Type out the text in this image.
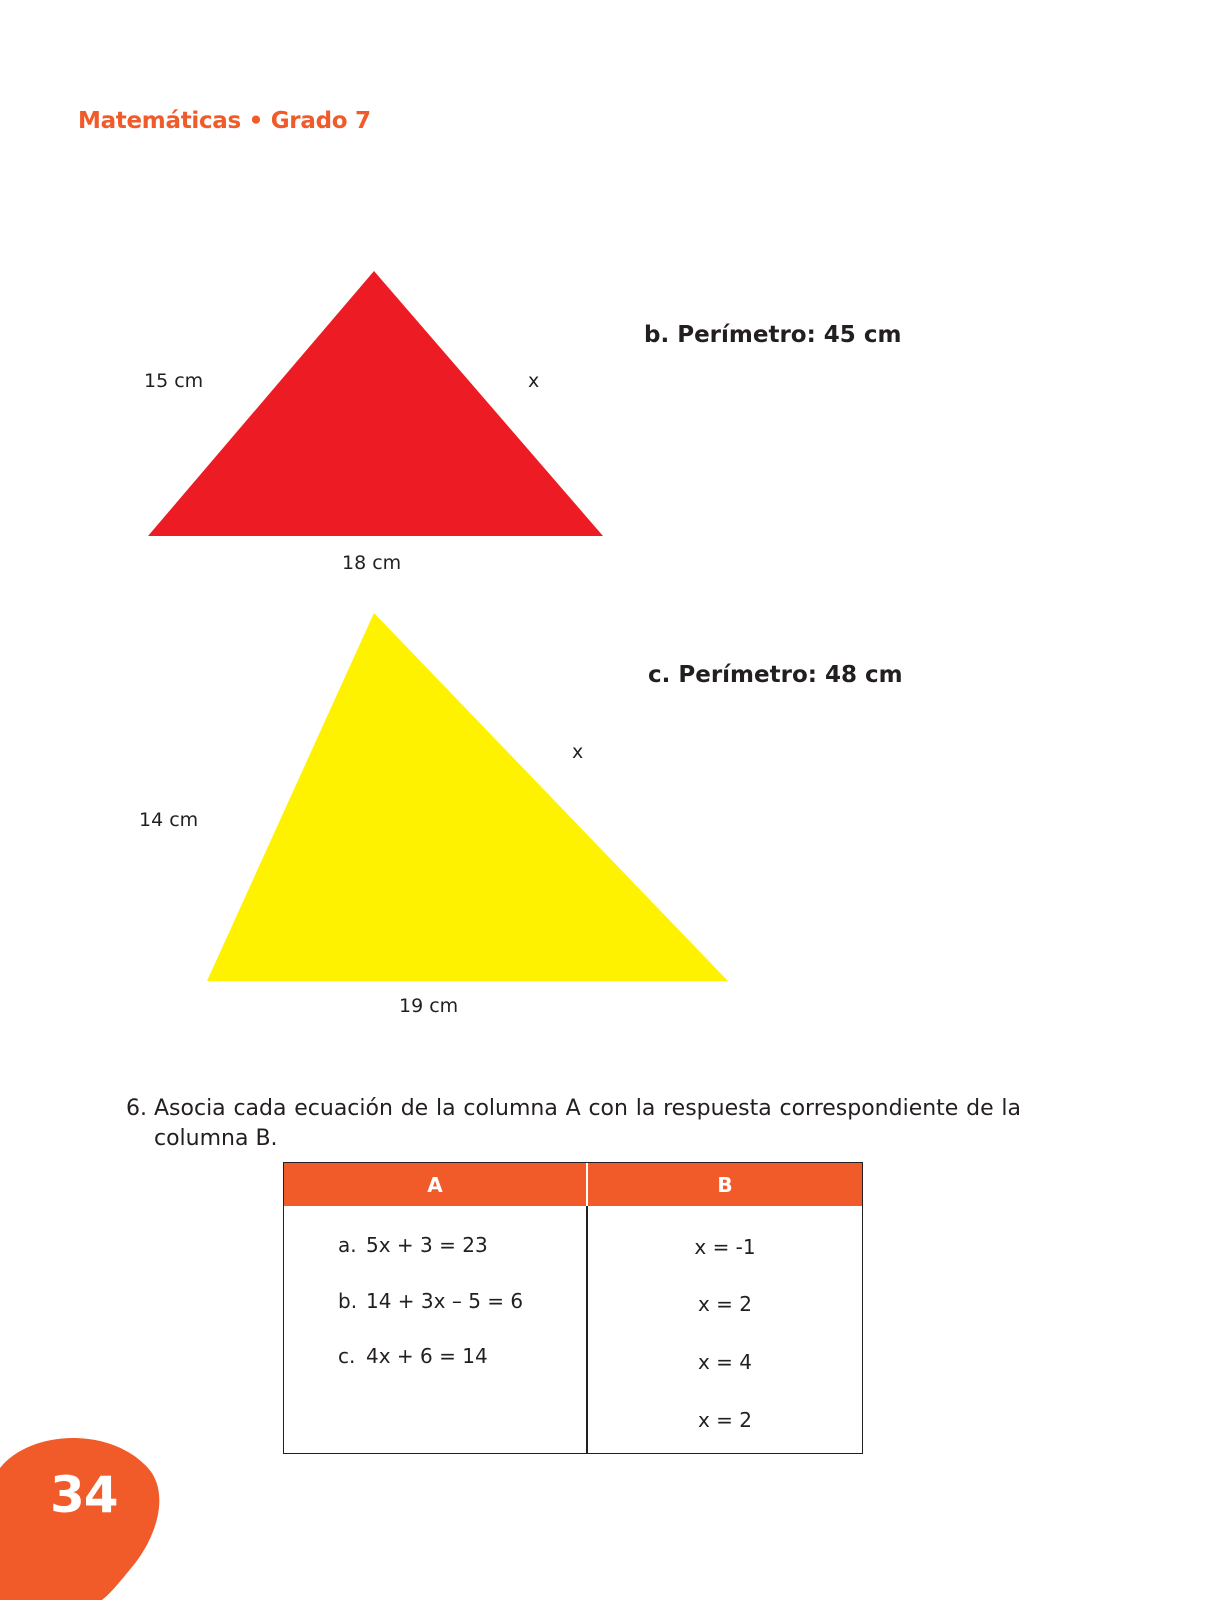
Matemáticas • Grado 7
15 cm	x
18 cm
x
14 cm
19 cm
b. Perímetro: 45 cm
c. Perímetro: 48 cm
6. Asocia cada ecuación de la columna A con la respuesta correspondiente de la columna B.
A	B
a. 5x + 3 = 23
b. 14 + 3x – 5 = 6
c. 4x + 6 = 14
x = -1
x = 2
x = 4
x = 2
34
